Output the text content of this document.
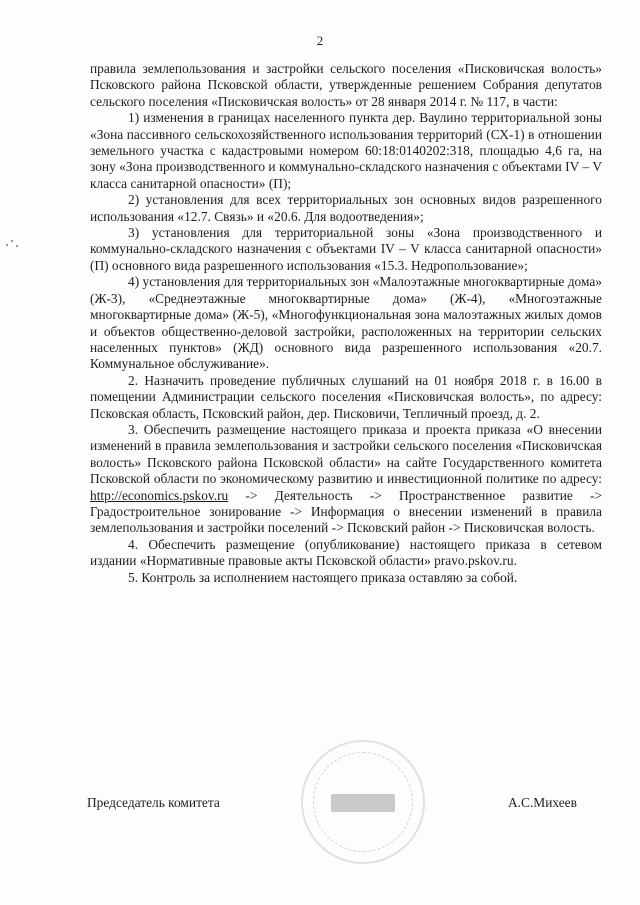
2

правила землепользования и застройки сельского поселения «Писковичская волость» Псковского района Псковской области, утвержденные решением Собрания депутатов сельского поселения «Писковичская волость» от 28 января 2014 г. № 117, в части:

1) изменения в границах населенного пункта дер. Ваулино территориальной зоны «Зона пассивного сельскохозяйственного использования территорий (СХ-1) в отношении земельного участка с кадастровыми номером 60:18:0140202:318, площадью 4,6 га, на зону «Зона производственного и коммунально-складского назначения с объектами IV – V класса санитарной опасности» (П);

2) установления для всех территориальных зон основных видов разрешенного использования «12.7. Связь» и «20.6. Для водоотведения»;

3) установления для территориальной зоны «Зона производственного и коммунально-складского назначения с объектами IV – V класса санитарной опасности» (П) основного вида разрешенного использования «15.3. Недропользование»;

4) установления для территориальных зон «Малоэтажные многоквартирные дома» (Ж-3), «Среднеэтажные многоквартирные дома» (Ж-4), «Многоэтажные многоквартирные дома» (Ж-5), «Многофункциональная зона малоэтажных жилых домов и объектов общественно-деловой застройки, расположенных на территории сельских населенных пунктов» (ЖД) основного вида разрешенного использования «20.7. Коммунальное обслуживание».

2. Назначить проведение публичных слушаний на 01 ноября 2018 г. в 16.00 в помещении Администрации сельского поселения «Писковичская волость», по адресу: Псковская область, Псковский район, дер. Писковичи, Тепличный проезд, д. 2.

3. Обеспечить размещение настоящего приказа и проекта приказа «О внесении изменений в правила землепользования и застройки сельского поселения «Писковичская волость» Псковского района Псковской области» на сайте Государственного комитета Псковской области по экономическому развитию и инвестиционной политике по адресу: http://economics.pskov.ru -> Деятельность -> Пространственное развитие -> Градостроительное зонирование -> Информация о внесении изменений в правила землепользования и застройки поселений -> Псковский район -> Писковичская волость.

4. Обеспечить размещение (опубликование) настоящего приказа в сетевом издании «Нормативные правовые акты Псковской области» pravo.pskov.ru.

5. Контроль за исполнением настоящего приказа оставляю за собой.

Председатель комитета	А.С.Михеев
